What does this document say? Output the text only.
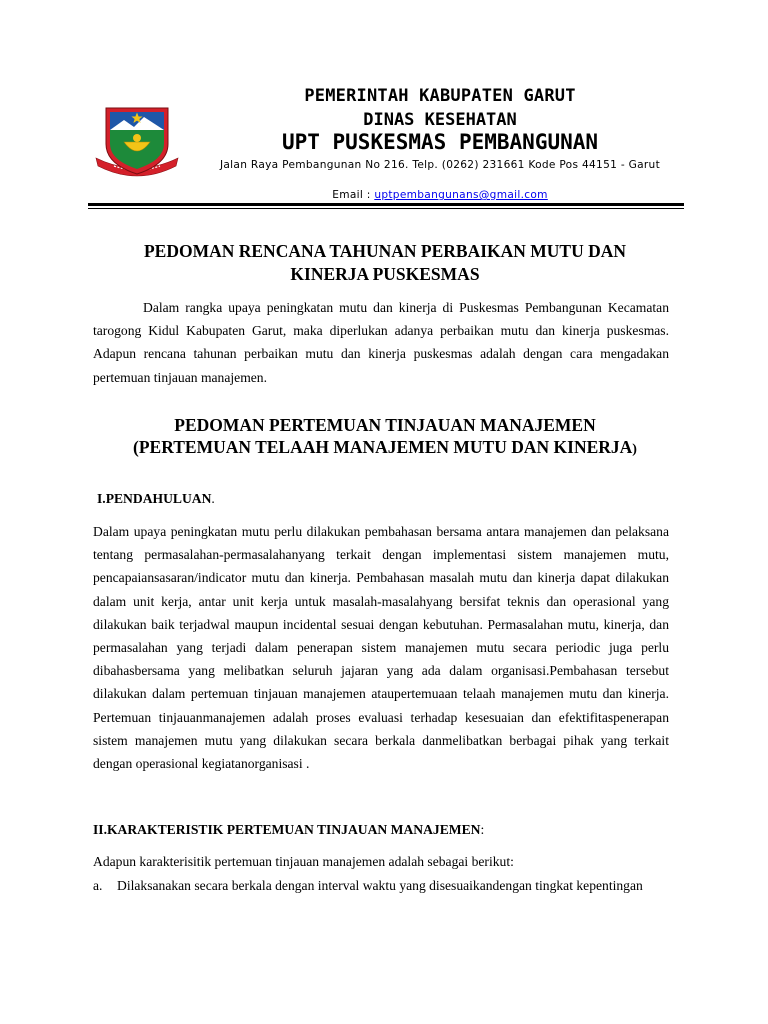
PEMERINTAH KABUPATEN GARUT
DINAS KESEHATAN
UPT PUSKESMAS PEMBANGUNAN
Jalan Raya Pembangunan No 216. Telp. (0262) 231661 Kode Pos 44151 - Garut
Email : uptpembangunans@gmail.com
PEDOMAN RENCANA TAHUNAN PERBAIKAN MUTU DAN
KINERJA PUSKESMAS

Dalam rangka upaya peningkatan mutu dan kinerja di Puskesmas Pembangunan Kecamatan tarogong Kidul Kabupaten Garut, maka diperlukan adanya perbaikan mutu dan kinerja puskesmas. Adapun rencana tahunan perbaikan mutu dan kinerja puskesmas adalah dengan cara mengadakan pertemuan tinjauan manajemen.

PEDOMAN PERTEMUAN TINJAUAN MANAJEMEN
(PERTEMUAN TELAAH MANAJEMEN MUTU DAN KINERJA)
I.PENDAHULUAN.

Dalam upaya peningkatan mutu perlu dilakukan pembahasan bersama antara manajemen dan pelaksana tentang permasalahan-permasalahanyang terkait dengan implementasi sistem manajemen mutu, pencapaiansasaran/indicator mutu dan kinerja. Pembahasan masalah mutu dan kinerja dapat dilakukan dalam unit kerja, antar unit kerja untuk masalah-masalahyang bersifat teknis dan operasional yang dilakukan baik terjadwal maupun incidental sesuai dengan kebutuhan. Permasalahan mutu, kinerja, dan permasalahan yang terjadi dalam penerapan sistem manajemen mutu secara periodic juga perlu dibahasbersama yang melibatkan seluruh jajaran yang ada dalam organisasi.Pembahasan tersebut dilakukan dalam pertemuan tinjauan manajemen ataupertemuaan telaah manajemen mutu dan kinerja. Pertemuan tinjauanmanajemen adalah proses evaluasi terhadap kesesuaian dan efektifitaspenerapan sistem manajemen mutu yang dilakukan secara berkala danmelibatkan berbagai pihak yang terkait dengan operasional kegiatanorganisasi .

II.KARAKTERISTIK PERTEMUAN TINJAUAN MANAJEMEN:

Adapun karakterisitik pertemuan tinjauan manajemen adalah sebagai berikut:

a. Dilaksanakan secara berkala dengan interval waktu yang disesuaikandengan tingkat kepentingan
